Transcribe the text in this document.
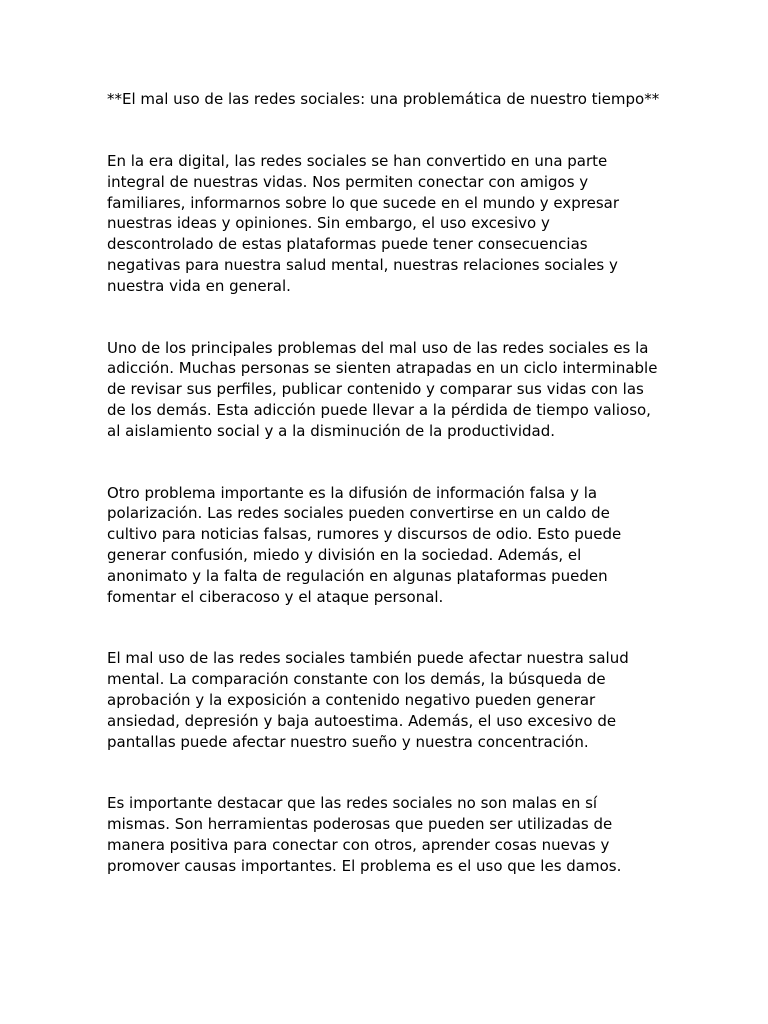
**El mal uso de las redes sociales: una problemática de nuestro tiempo**

En la era digital, las redes sociales se han convertido en una parte
integral de nuestras vidas. Nos permiten conectar con amigos y
familiares, informarnos sobre lo que sucede en el mundo y expresar
nuestras ideas y opiniones. Sin embargo, el uso excesivo y
descontrolado de estas plataformas puede tener consecuencias
negativas para nuestra salud mental, nuestras relaciones sociales y
nuestra vida en general.

Uno de los principales problemas del mal uso de las redes sociales es la
adicción. Muchas personas se sienten atrapadas en un ciclo interminable
de revisar sus perfiles, publicar contenido y comparar sus vidas con las
de los demás. Esta adicción puede llevar a la pérdida de tiempo valioso,
al aislamiento social y a la disminución de la productividad.

Otro problema importante es la difusión de información falsa y la
polarización. Las redes sociales pueden convertirse en un caldo de
cultivo para noticias falsas, rumores y discursos de odio. Esto puede
generar confusión, miedo y división en la sociedad. Además, el
anonimato y la falta de regulación en algunas plataformas pueden
fomentar el ciberacoso y el ataque personal.

El mal uso de las redes sociales también puede afectar nuestra salud
mental. La comparación constante con los demás, la búsqueda de
aprobación y la exposición a contenido negativo pueden generar
ansiedad, depresión y baja autoestima. Además, el uso excesivo de
pantallas puede afectar nuestro sueño y nuestra concentración.

Es importante destacar que las redes sociales no son malas en sí
mismas. Son herramientas poderosas que pueden ser utilizadas de
manera positiva para conectar con otros, aprender cosas nuevas y
promover causas importantes. El problema es el uso que les damos.
